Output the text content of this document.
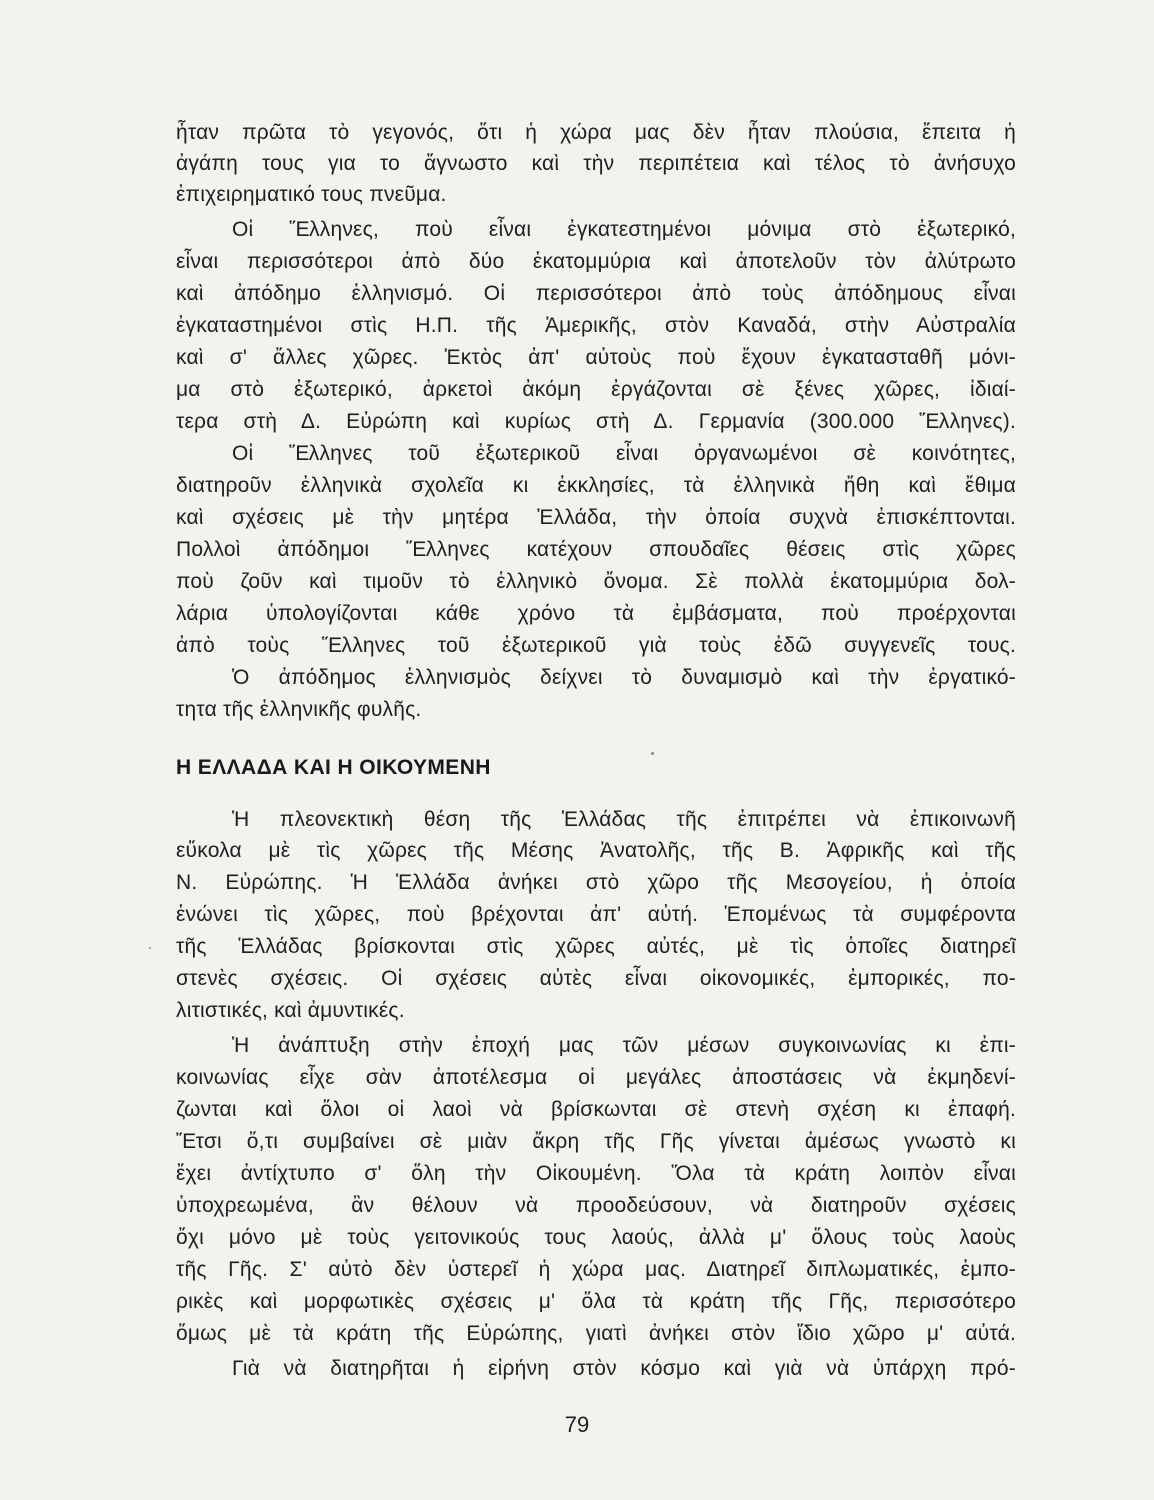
ἦταν πρῶτα τὸ γεγονός, ὅτι ἡ χώρα μας δὲν ἦταν πλούσια, ἔπειτα ἡ
ἀγάπη τους για το ἄγνωστο καὶ τὴν περιπέτεια καὶ τέλος τὸ ἀνήσυχο
ἐπιχειρηματικό τους πνεῦμα.
Οἱ Ἕλληνες, ποὺ εἶναι ἐγκατεστημένοι μόνιμα στὸ ἐξωτερικό,
εἶναι περισσότεροι ἀπὸ δύο ἑκατομμύρια καὶ ἀποτελοῦν τὸν ἀλύτρωτο
καὶ ἀπόδημο ἑλληνισμό. Οἱ περισσότεροι ἀπὸ τοὺς ἀπόδημους εἶναι
ἐγκαταστημένοι στὶς Η.Π. τῆς Ἀμερικῆς, στὸν Καναδά, στὴν Αὐστραλία
καὶ σ' ἄλλες χῶρες. Ἐκτὸς ἀπ' αὐτοὺς ποὺ ἔχουν ἐγκατασταθῆ μόνι-
μα στὸ ἐξωτερικό, ἀρκετοὶ ἀκόμη ἐργάζονται σὲ ξένες χῶρες, ἰδιαί-
τερα στὴ Δ. Εὐρώπη καὶ κυρίως στὴ Δ. Γερμανία (300.000 Ἕλληνες).
Οἱ Ἕλληνες τοῦ ἐξωτερικοῦ εἶναι ὀργανωμένοι σὲ κοινότητες,
διατηροῦν ἑλληνικὰ σχολεῖα κι ἐκκλησίες, τὰ ἑλληνικὰ ἤθη καὶ ἔθιμα
καὶ σχέσεις μὲ τὴν μητέρα Ἑλλάδα, τὴν ὁποία συχνὰ ἐπισκέπτονται.
Πολλοὶ ἀπόδημοι Ἕλληνες κατέχουν σπουδαῖες θέσεις στὶς χῶρες
ποὺ ζοῦν καὶ τιμοῦν τὸ ἑλληνικὸ ὄνομα. Σὲ πολλὰ ἑκατομμύρια δολ-
λάρια ὑπολογίζονται κάθε χρόνο τὰ ἐμβάσματα, ποὺ προέρχονται
ἀπὸ τοὺς Ἕλληνες τοῦ ἐξωτερικοῦ γιὰ τοὺς ἐδῶ συγγενεῖς τους.
Ὁ ἀπόδημος ἑλληνισμὸς δείχνει τὸ δυναμισμὸ καὶ τὴν ἐργατικό-
τητα τῆς ἑλληνικῆς φυλῆς.
Η ΕΛΛΑΔΑ ΚΑΙ Η ΟΙΚΟΥΜΕΝΗ
Ἡ πλεονεκτικὴ θέση τῆς Ἑλλάδας τῆς ἐπιτρέπει νὰ ἐπικοινωνῆ
εὔκολα μὲ τὶς χῶρες τῆς Μέσης Ἀνατολῆς, τῆς Β. Ἀφρικῆς καὶ τῆς
Ν. Εὐρώπης. Ἡ Ἑλλάδα ἀνήκει στὸ χῶρο τῆς Μεσογείου, ἡ ὁποία
ἑνώνει τὶς χῶρες, ποὺ βρέχονται ἀπ' αὐτή. Ἑπομένως τὰ συμφέροντα
τῆς Ἑλλάδας βρίσκονται στὶς χῶρες αὐτές, μὲ τὶς ὁποῖες διατηρεῖ
στενὲς σχέσεις. Οἱ σχέσεις αὐτὲς εἶναι οἰκονομικές, ἐμπορικές, πο-
λιτιστικές, καὶ ἀμυντικές.
Ἡ ἀνάπτυξη στὴν ἐποχή μας τῶν μέσων συγκοινωνίας κι ἐπι-
κοινωνίας εἶχε σὰν ἀποτέλεσμα οἱ μεγάλες ἀποστάσεις νὰ ἐκμηδενί-
ζωνται καὶ ὅλοι οἱ λαοὶ νὰ βρίσκωνται σὲ στενὴ σχέση κι ἐπαφή.
Ἔτσι ὅ,τι συμβαίνει σὲ μιὰν ἄκρη τῆς Γῆς γίνεται ἀμέσως γνωστὸ κι
ἔχει ἀντίχτυπο σ' ὅλη τὴν Οἰκουμένη. Ὅλα τὰ κράτη λοιπὸν εἶναι
ὑποχρεωμένα, ἂν θέλουν νὰ προοδεύσουν, νὰ διατηροῦν σχέσεις
ὄχι μόνο μὲ τοὺς γειτονικούς τους λαούς, ἀλλὰ μ' ὅλους τοὺς λαοὺς
τῆς Γῆς. Σ' αὐτὸ δὲν ὑστερεῖ ἡ χώρα μας. Διατηρεῖ διπλωματικές, ἐμπο-
ρικὲς καὶ μορφωτικὲς σχέσεις μ' ὅλα τὰ κράτη τῆς Γῆς, περισσότερο
ὅμως μὲ τὰ κράτη τῆς Εὐρώπης, γιατὶ ἀνήκει στὸν ἴδιο χῶρο μ' αὐτά.
Γιὰ νὰ διατηρῆται ἡ εἰρήνη στὸν κόσμο καὶ γιὰ νὰ ὑπάρχη πρό-
79
